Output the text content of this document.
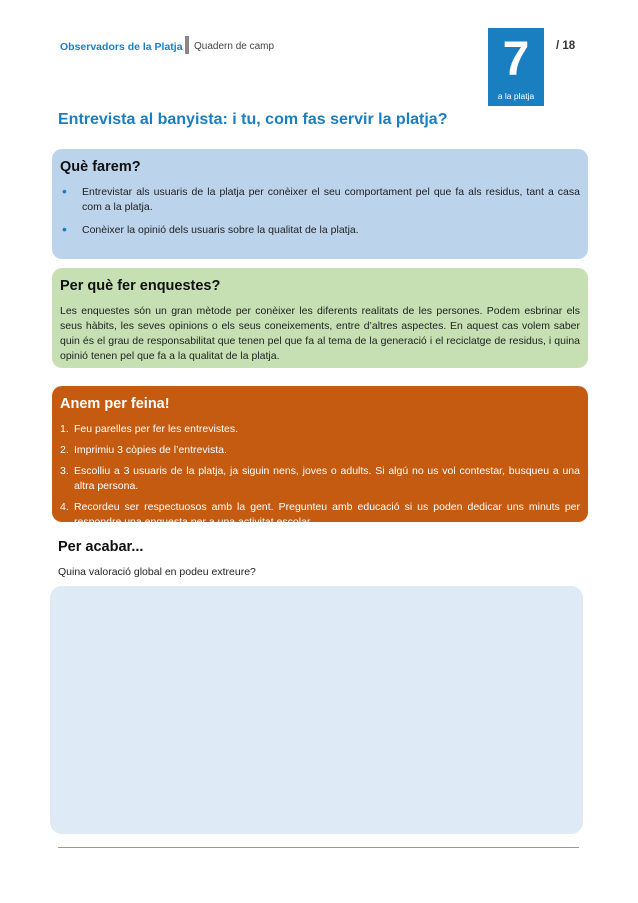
Observadors de la Platja Quadern de camp	7
a la platja
/ 18
Entrevista al banyista: i tu, com fas servir la platja?
Què farem?
• Entrevistar als usuaris de la platja per conèixer el seu comportament pel que fa als residus, tant a casa com a la platja.
• Conèixer la opinió dels usuaris sobre la qualitat de la platja.
Per què fer enquestes?

Les enquestes són un gran mètode per conèixer les diferents realitats de les persones. Podem esbrinar els seus hàbits, les seves opinions o els seus coneixements, entre d’altres aspectes. En aquest cas volem saber quin és el grau de responsabilitat que tenen pel que fa al tema de la generació i el reciclatge de residus, i quina opinió tenen pel que fa a la qualitat de la platja.

Anem per feina!
1. Feu parelles per fer les entrevistes.
2. Imprimiu 3 còpies de l’entrevista.
3. Escolliu a 3 usuaris de la platja, ja siguin nens, joves o adults. Si algú no us vol contestar, busqueu a una altra persona.
4. Recordeu ser respectuosos amb la gent. Pregunteu amb educació si us poden dedicar uns minuts per respondre una enquesta per a una activitat escolar.
Per acabar...

Quina valoració global en podeu extreure?
